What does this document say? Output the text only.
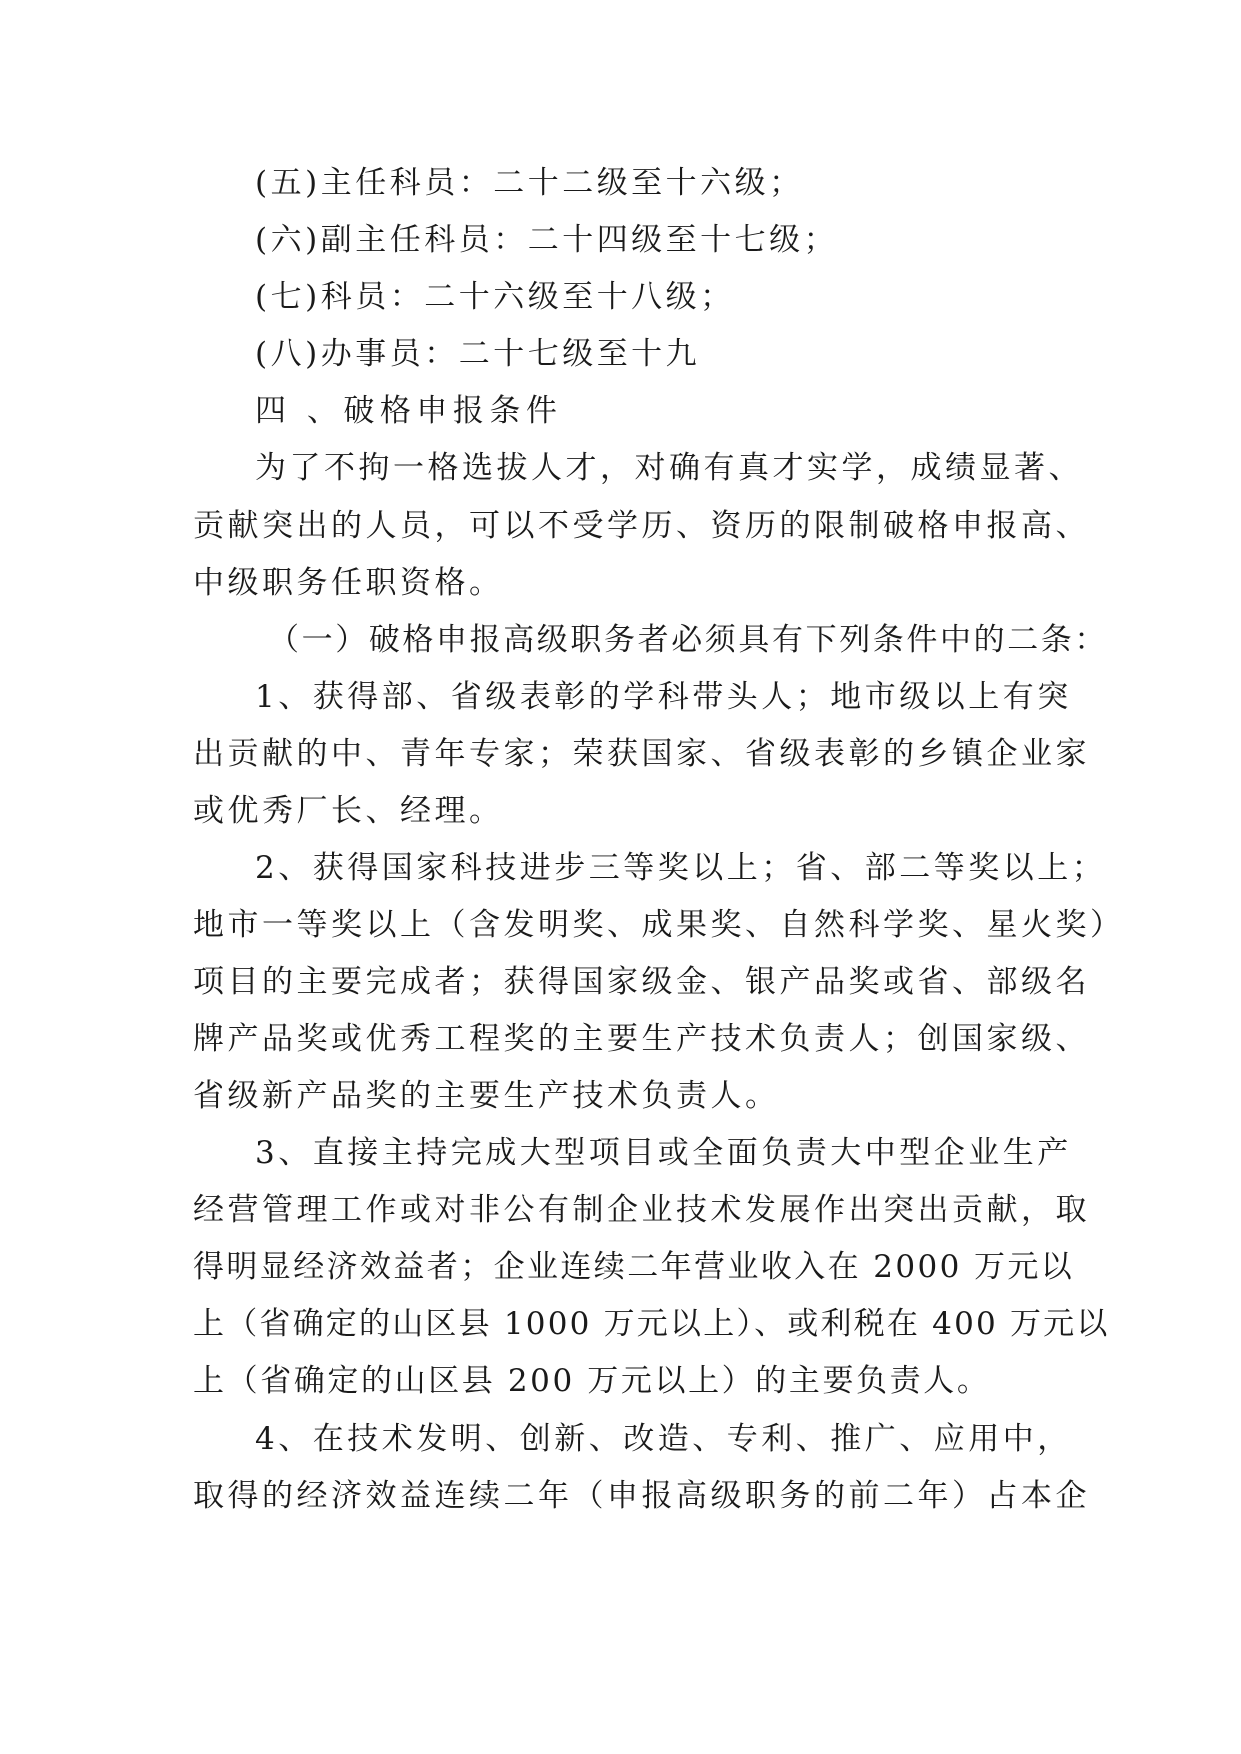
(五)主任科员：二十二级至十六级；
(六)副主任科员：二十四级至十七级；
(七)科员：二十六级至十八级；
(八)办事员：二十七级至十九
四 、破格申报条件
为了不拘一格选拔人才，对确有真才实学，成绩显著、
贡献突出的人员，可以不受学历、资历的限制破格申报高、
中级职务任职资格。
（一）破格申报高级职务者必须具有下列条件中的二条：
1、获得部、省级表彰的学科带头人；地市级以上有突
出贡献的中、青年专家；荣获国家、省级表彰的乡镇企业家
或优秀厂长、经理。
2、获得国家科技进步三等奖以上；省、部二等奖以上；
地市一等奖以上（含发明奖、成果奖、自然科学奖、星火奖）
项目的主要完成者；获得国家级金、银产品奖或省、部级名
牌产品奖或优秀工程奖的主要生产技术负责人；创国家级、
省级新产品奖的主要生产技术负责人。
3、直接主持完成大型项目或全面负责大中型企业生产
经营管理工作或对非公有制企业技术发展作出突出贡献，取
得明显经济效益者；企业连续二年营业收入在 2000 万元以
上（省确定的山区县 1000 万元以上）、或利税在 400 万元以
上（省确定的山区县 200 万元以上）的主要负责人。
4、在技术发明、创新、改造、专利、推广、应用中，
取得的经济效益连续二年（申报高级职务的前二年）占本企
